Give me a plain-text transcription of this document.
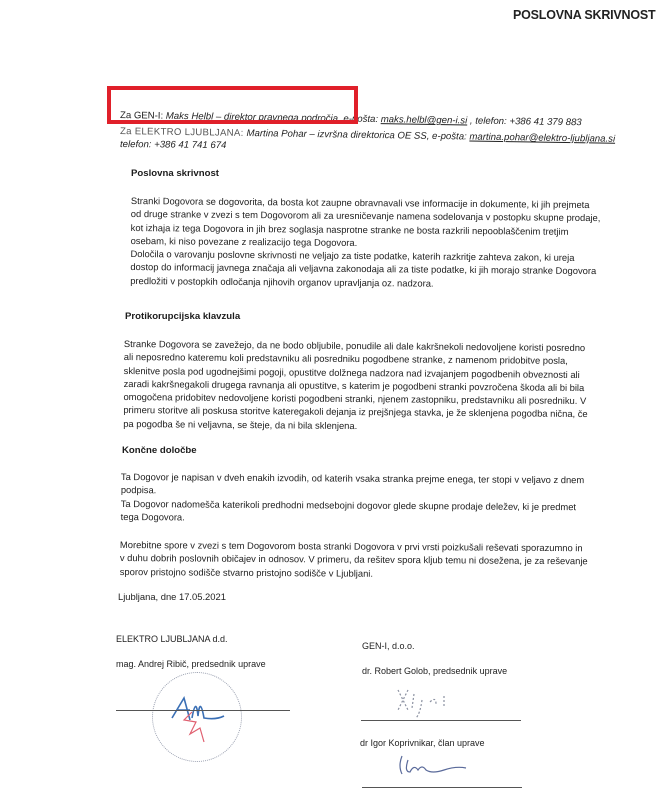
POSLOVNA SKRIVNOST
Za GEN-I: Maks Helbl – direktor pravnega področja, e-pošta: maks.helbl@gen-i.si , telefon: +386 41 379 883
Za ELEKTRO LJUBLJANA: Martina Pohar – izvršna direktorica OE SS, e-pošta: martina.pohar@elektro-ljubljana.si
telefon: +386 41 741 674
Poslovna skrivnost
Stranki Dogovora se dogovorita, da bosta kot zaupne obravnavali vse informacije in dokumente, ki jih prejmeta
od druge stranke v zvezi s tem Dogovorom ali za uresničevanje namena sodelovanja v postopku skupne prodaje,
kot izhaja iz tega Dogovora in jih brez soglasja nasprotne stranke ne bosta razkrili nepooblaščenim tretjim
osebam, ki niso povezane z realizacijo tega Dogovora.
Določila o varovanju poslovne skrivnosti ne veljajo za tiste podatke, katerih razkritje zahteva zakon, ki ureja
dostop do informacij javnega značaja ali veljavna zakonodaja ali za tiste podatke, ki jih morajo stranke Dogovora
predložiti v postopkih odločanja njihovih organov upravljanja oz. nadzora.
Protikorupcijska klavzula
Stranke Dogovora se zavežejo, da ne bodo obljubile, ponudile ali dale kakršnekoli nedovoljene koristi posredno
ali neposredno kateremu koli predstavniku ali posredniku pogodbene stranke, z namenom pridobitve posla,
sklenitve posla pod ugodnejšimi pogoji, opustitve dolžnega nadzora nad izvajanjem pogodbenih obveznosti ali
zaradi kakršnegakoli drugega ravnanja ali opustitve, s katerim je pogodbeni stranki povzročena škoda ali bi bila
omogočena pridobitev nedovoljene koristi pogodbeni stranki, njenem zastopniku, predstavniku ali posredniku. V
primeru storitve ali poskusa storitve kateregakoli dejanja iz prejšnjega stavka, je že sklenjena pogodba nična, če
pa pogodba še ni veljavna, se šteje, da ni bila sklenjena.
Končne določbe
Ta Dogovor je napisan v dveh enakih izvodih, od katerih vsaka stranka prejme enega, ter stopi v veljavo z dnem
podpisa.
Ta Dogovor nadomešča katerikoli predhodni medsebojni dogovor glede skupne prodaje deležev, ki je predmet
tega Dogovora.
Morebitne spore v zvezi s tem Dogovorom bosta stranki Dogovora v prvi vrsti poizkušali reševati sporazumno in
v duhu dobrih poslovnih običajev in odnosov. V primeru, da rešitev spora kljub temu ni dosežena, je za reševanje
sporov pristojno sodišče stvarno pristojno sodišče v Ljubljani.
Ljubljana, dne 17.05.2021
ELEKTRO LJUBLJANA d.d.
mag. Andrej Ribič, predsednik uprave
GEN-I, d.o.o.
dr. Robert Golob, predsednik uprave
dr Igor Koprivnikar, član uprave
